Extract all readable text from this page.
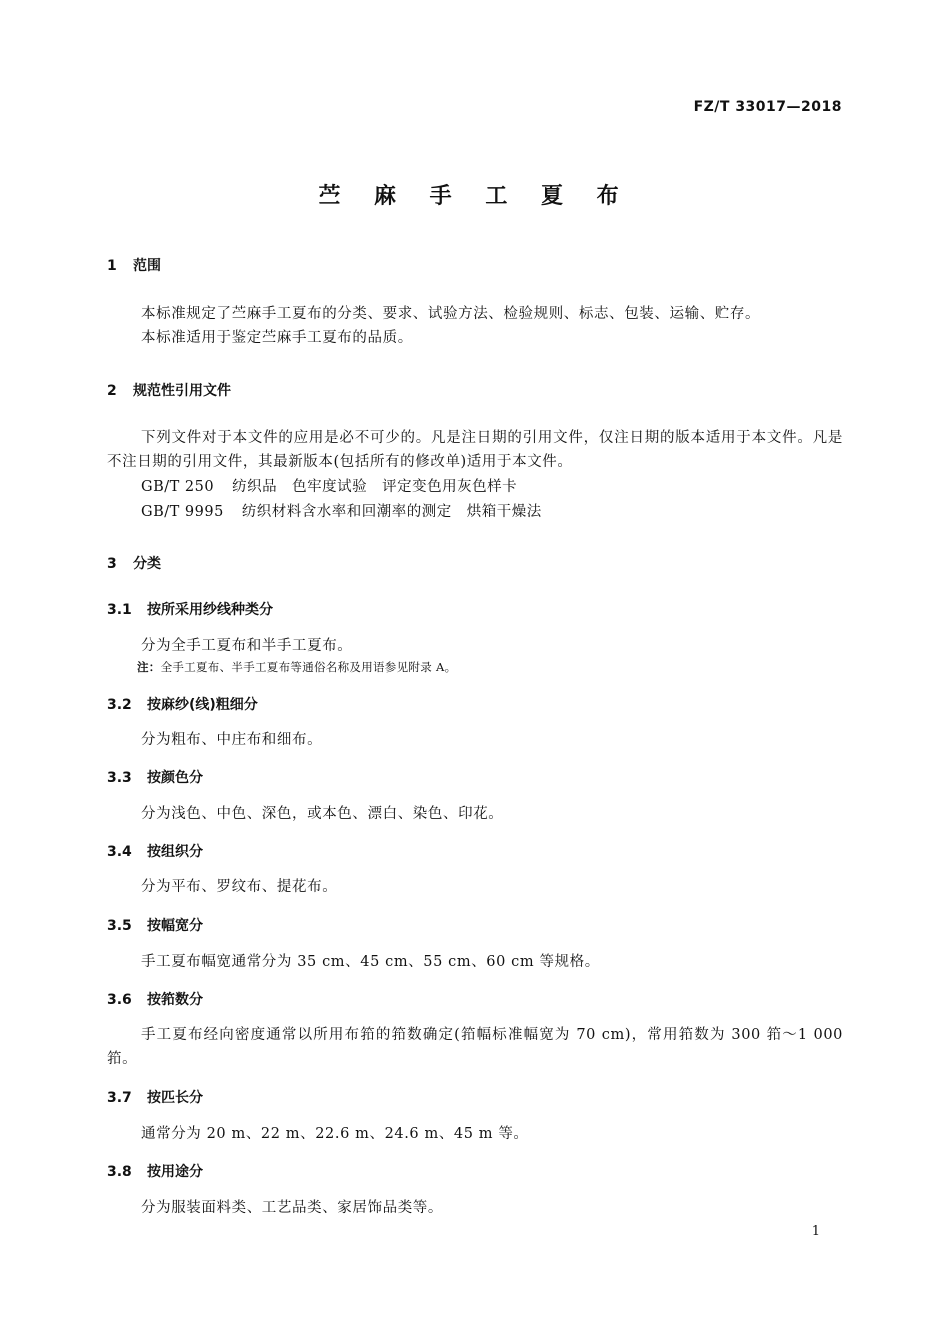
FZ/T 33017—2018
苎 麻 手 工 夏 布
1 范围
本标准规定了苎麻手工夏布的分类、要求、试验方法、检验规则、标志、包装、运输、贮存。
本标准适用于鉴定苎麻手工夏布的品质。
2 规范性引用文件
下列文件对于本文件的应用是必不可少的。凡是注日期的引用文件，仅注日期的版本适用于本文件。凡是不注日期的引用文件，其最新版本(包括所有的修改单)适用于本文件。
GB/T 250 纺织品　色牢度试验　评定变色用灰色样卡
GB/T 9995 纺织材料含水率和回潮率的测定　烘箱干燥法
3 分类
3.1 按所采用纱线种类分
分为全手工夏布和半手工夏布。
注：全手工夏布、半手工夏布等通俗名称及用语参见附录 A。
3.2 按麻纱(线)粗细分
分为粗布、中庄布和细布。
3.3 按颜色分
分为浅色、中色、深色，或本色、漂白、染色、印花。
3.4 按组织分
分为平布、罗纹布、提花布。
3.5 按幅宽分
手工夏布幅宽通常分为 35 cm、45 cm、55 cm、60 cm 等规格。
3.6 按筘数分
手工夏布经向密度通常以所用布筘的筘数确定(筘幅标准幅宽为 70 cm)，常用筘数为 300 筘～1 000 筘。
3.7 按匹长分
通常分为 20 m、22 m、22.6 m、24.6 m、45 m 等。
3.8 按用途分
分为服装面料类、工艺品类、家居饰品类等。
1
